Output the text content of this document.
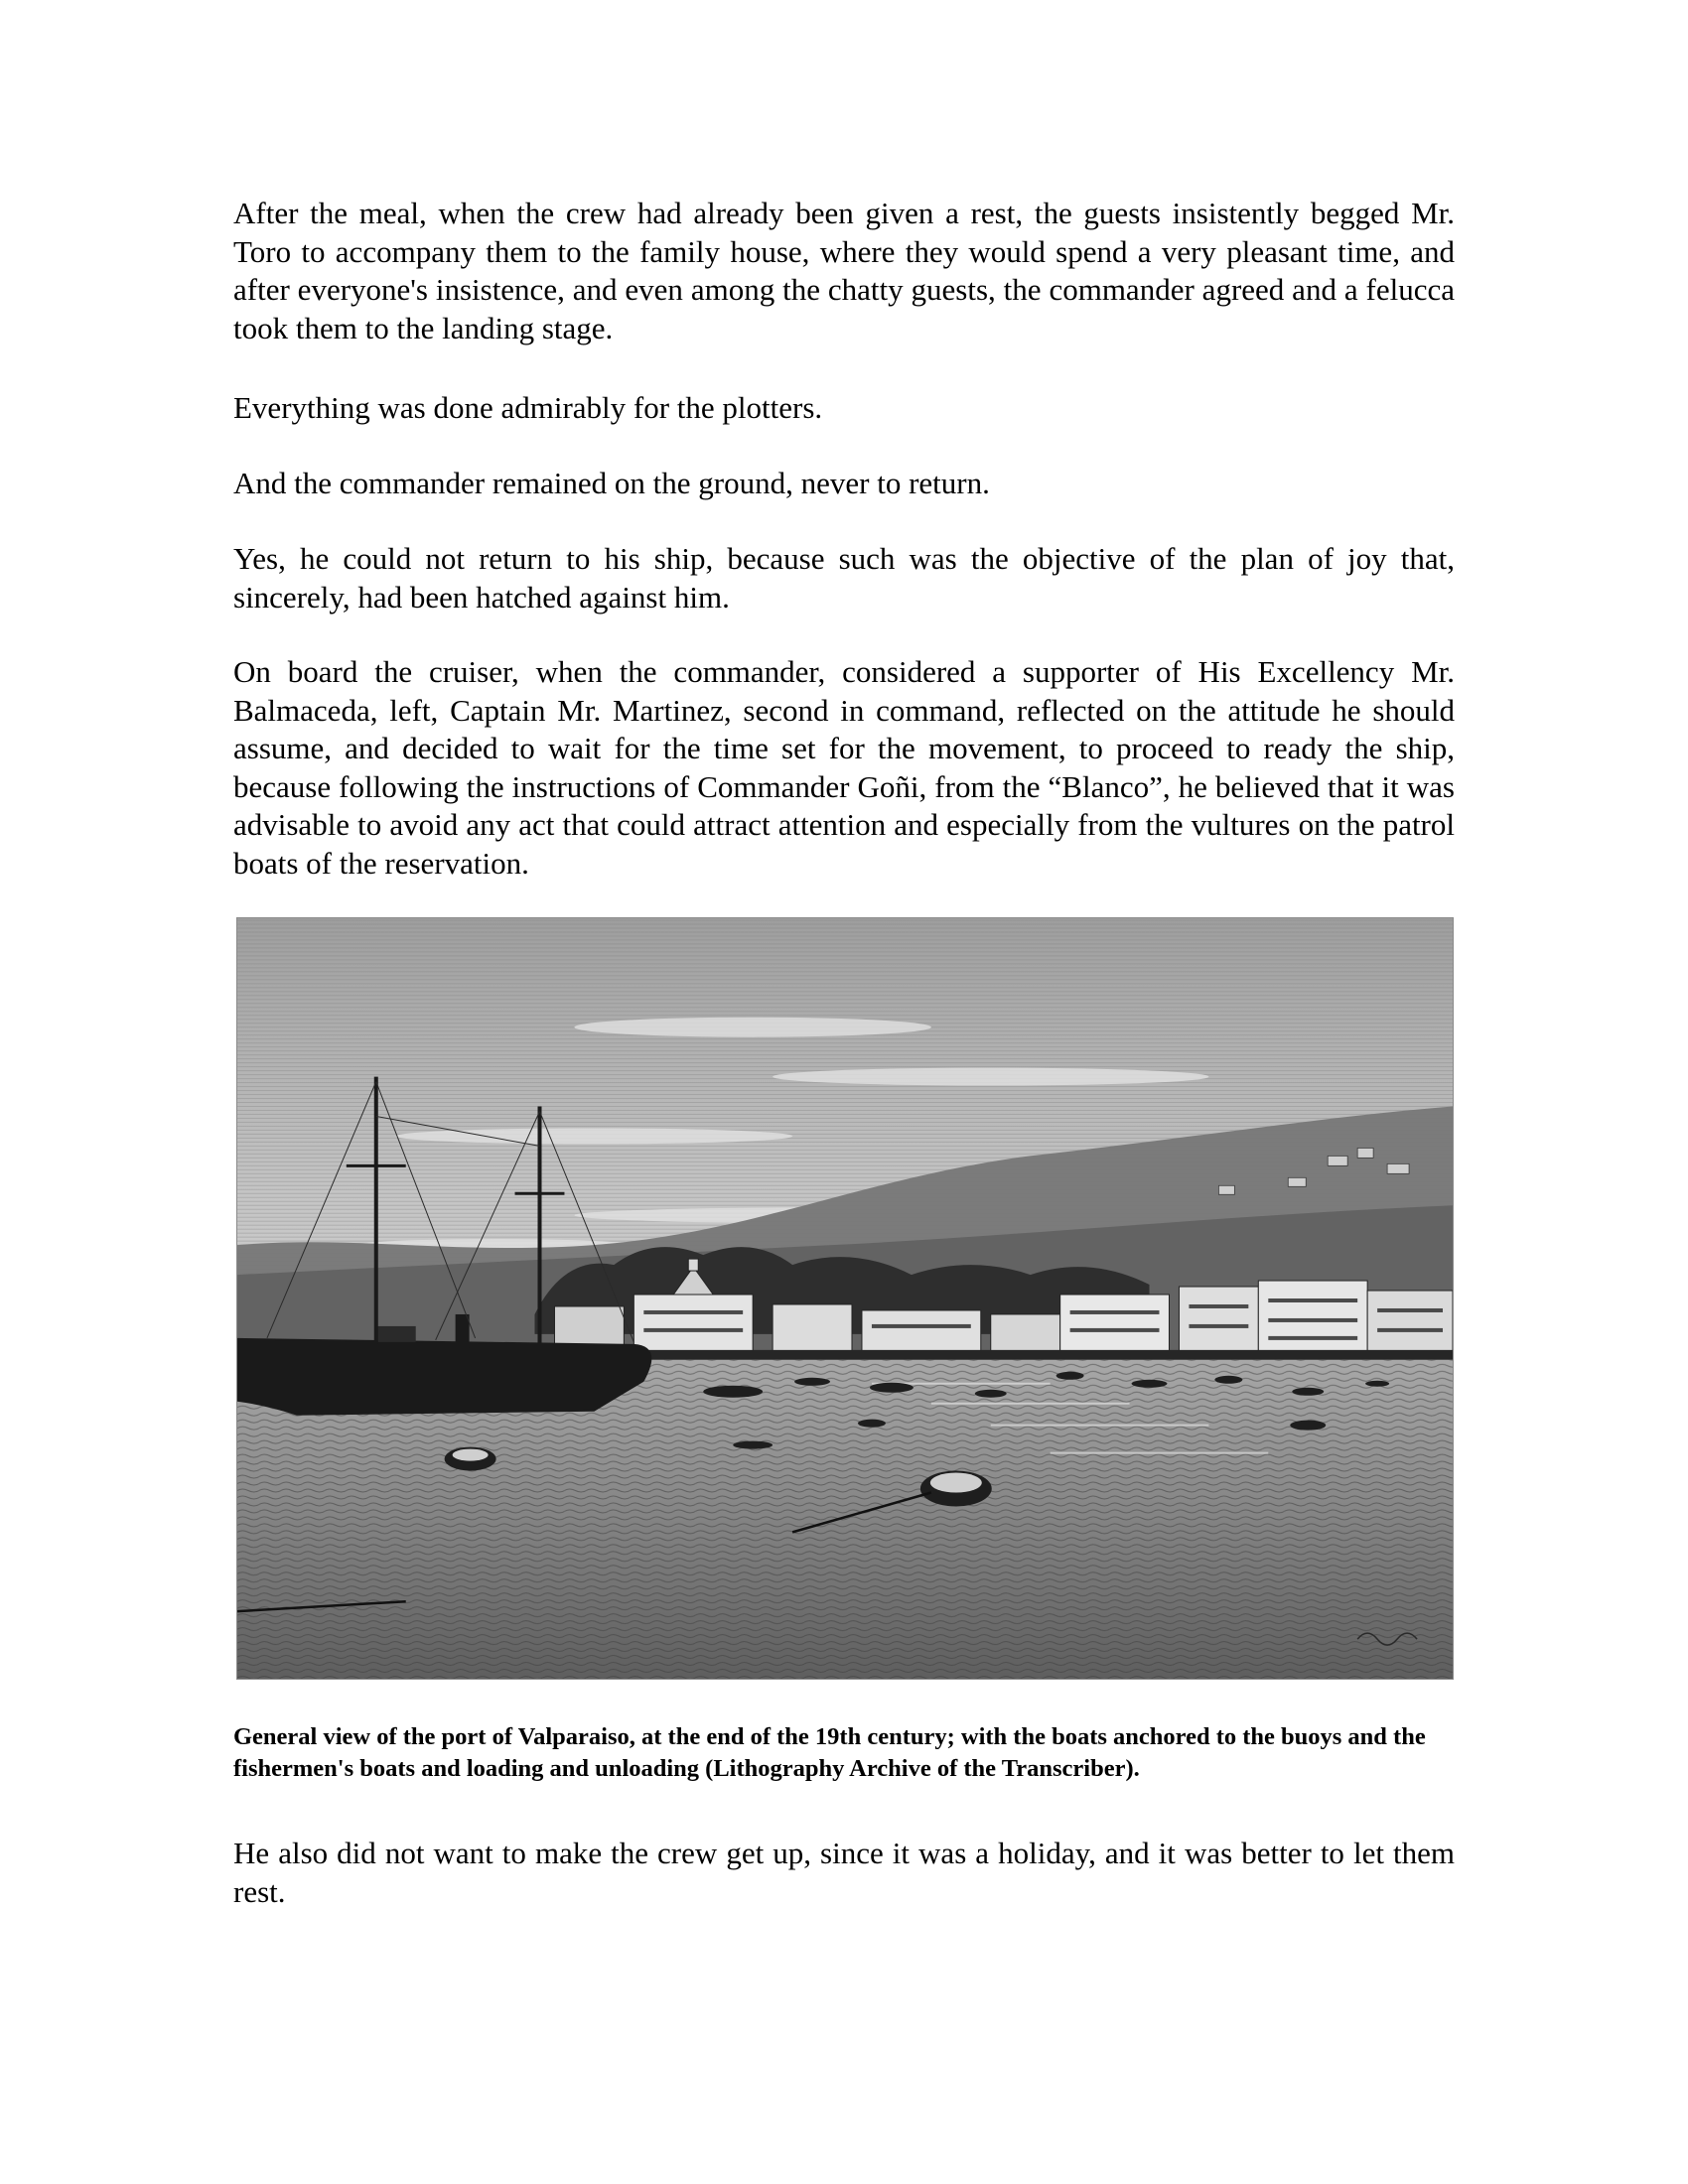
After the meal, when the crew had already been given a rest, the guests insistently begged Mr. Toro to accompany them to the family house, where they would spend a very pleasant time, and after everyone's insistence, and even among the chatty guests, the commander agreed and a felucca took them to the landing stage.

Everything was done admirably for the plotters.

And the commander remained on the ground, never to return.

Yes, he could not return to his ship, because such was the objective of the plan of joy that, sincerely, had been hatched against him.

On board the cruiser, when the commander, considered a supporter of His Excellency Mr. Balmaceda, left, Captain Mr. Martinez, second in command, reflected on the attitude he should assume, and decided to wait for the time set for the movement, to proceed to ready the ship, because following the instructions of Commander Goñi, from the “Blanco”, he believed that it was advisable to avoid any act that could attract attention and especially from the vultures on the patrol boats of the reservation.

General view of the port of Valparaiso, at the end of the 19th century; with the boats anchored to the buoys and the fishermen's boats and loading and unloading (Lithography Archive of the Transcriber).

He also did not want to make the crew get up, since it was a holiday, and it was better to let them rest.
